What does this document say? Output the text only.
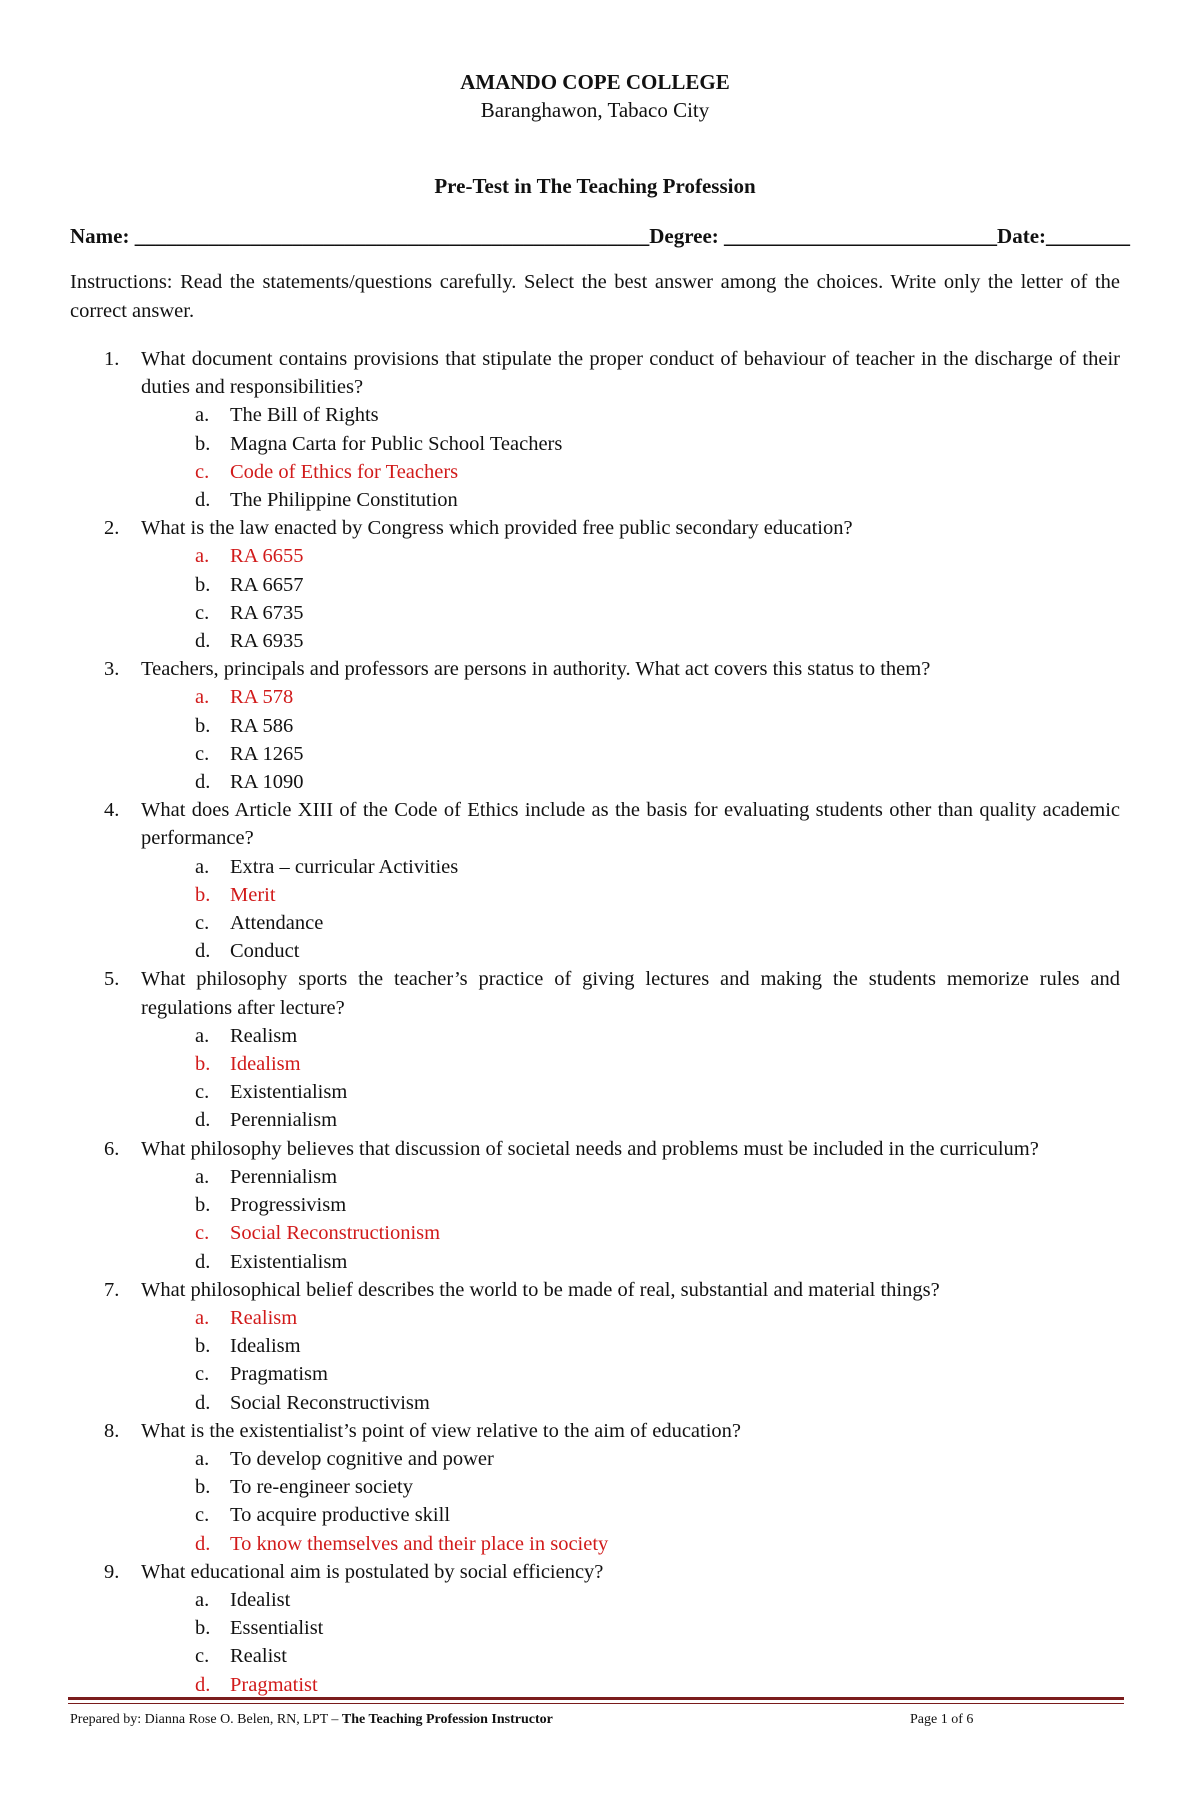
AMANDO COPE COLLEGE
Baranghawon, Tabaco City
Pre-Test in The Teaching Profession
Name: _________________________________________________Degree: __________________________Date:________
Instructions: Read the statements/questions carefully. Select the best answer among the choices. Write only the letter of the correct answer.
1. What document contains provisions that stipulate the proper conduct of behaviour of teacher in the discharge of their duties and responsibilities?
a. The Bill of Rights
b. Magna Carta for Public School Teachers
c. Code of Ethics for Teachers
d. The Philippine Constitution
2. What is the law enacted by Congress which provided free public secondary education?
a. RA 6655
b. RA 6657
c. RA 6735
d. RA 6935
3. Teachers, principals and professors are persons in authority. What act covers this status to them?
a. RA 578
b. RA 586
c. RA 1265
d. RA 1090
4. What does Article XIII of the Code of Ethics include as the basis for evaluating students other than quality academic performance?
a. Extra – curricular Activities
b. Merit
c. Attendance
d. Conduct
5. What philosophy sports the teacher’s practice of giving lectures and making the students memorize rules and regulations after lecture?
a. Realism
b. Idealism
c. Existentialism
d. Perennialism
6. What philosophy believes that discussion of societal needs and problems must be included in the curriculum?
a. Perennialism
b. Progressivism
c. Social Reconstructionism
d. Existentialism
7. What philosophical belief describes the world to be made of real, substantial and material things?
a. Realism
b. Idealism
c. Pragmatism
d. Social Reconstructivism
8. What is the existentialist’s point of view relative to the aim of education?
a. To develop cognitive and power
b. To re-engineer society
c. To acquire productive skill
d. To know themselves and their place in society
9. What educational aim is postulated by social efficiency?
a. Idealist
b. Essentialist
c. Realist
d. Pragmatist
Prepared by: Dianna Rose O. Belen, RN, LPT – The Teaching Profession Instructor	Page 1 of 6
